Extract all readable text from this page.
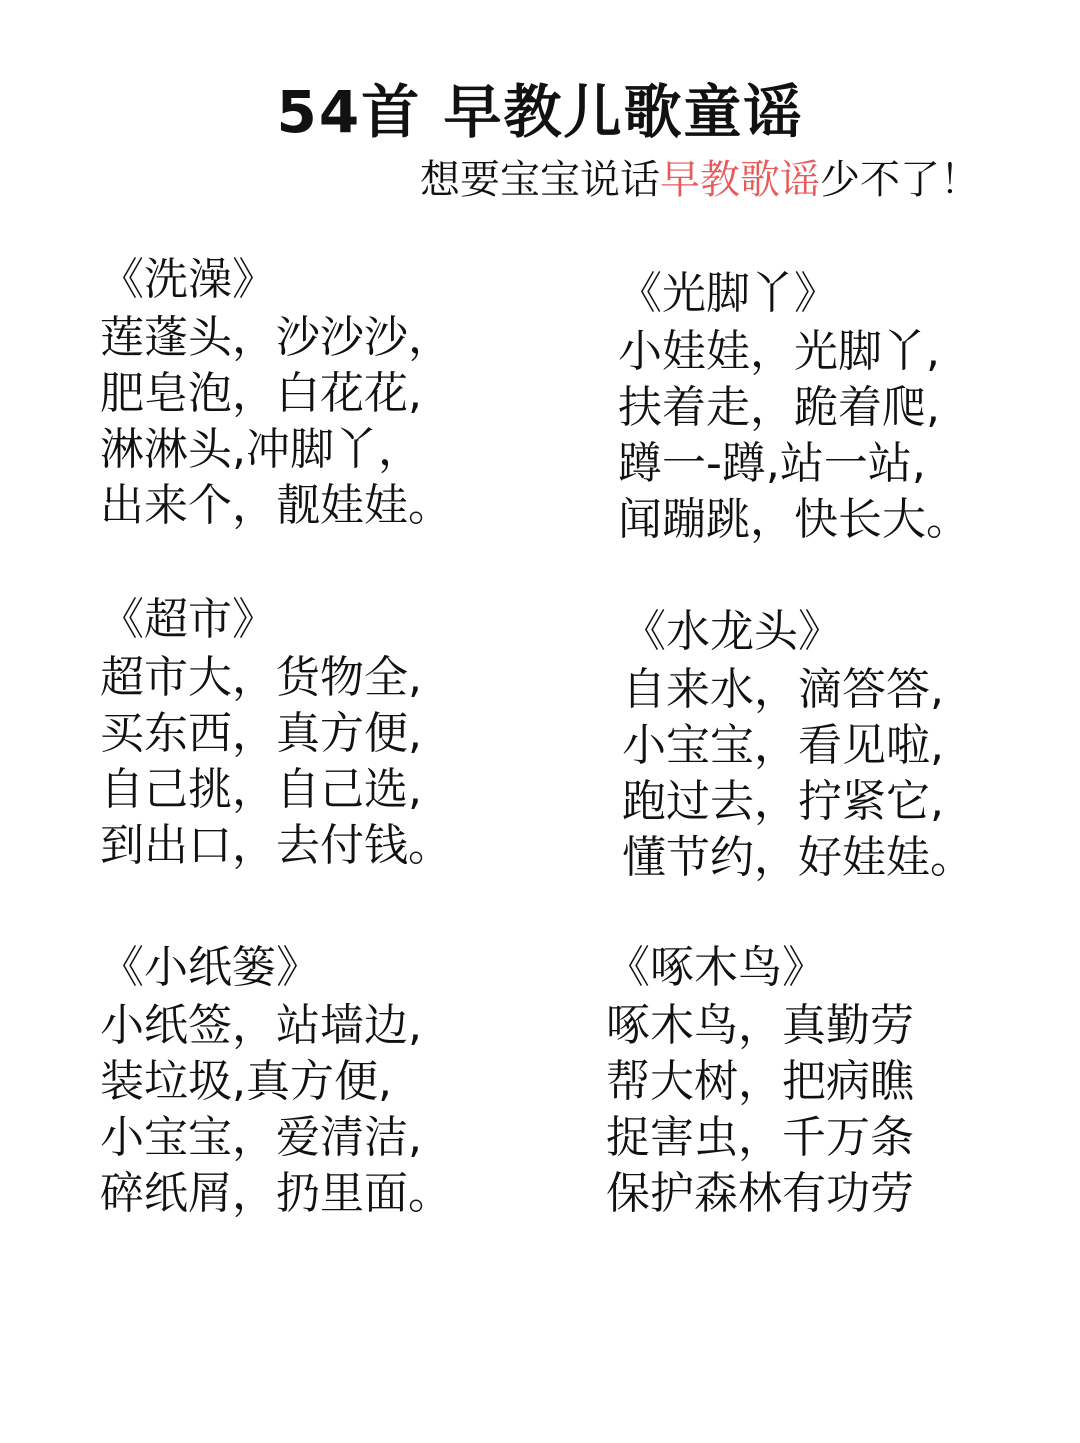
54首 早教儿歌童谣
想要宝宝说话早教歌谣少不了！
《洗澡》
莲蓬头，沙沙沙，
肥皂泡，白花花,
淋淋头,冲脚丫，
出来个，靓娃娃。
《光脚丫》
小娃娃，光脚丫,
扶着走，跪着爬,
蹲一-蹲,站一站,
闻蹦跳，快长大。
《超市》
超市大，货物全,
买东西，真方便,
自己挑，自己选,
到出口，去付钱。
《水龙头》
自来水，滴答答,
小宝宝，看见啦,
跑过去，拧紧它,
懂节约，好娃娃。
《小纸篓》
小纸签，站墙边,
装垃圾,真方便,
小宝宝，爱清洁,
碎纸屑，扔里面。
《啄木鸟》
啄木鸟，真勤劳
帮大树，把病瞧
捉害虫，千万条
保护森林有功劳
